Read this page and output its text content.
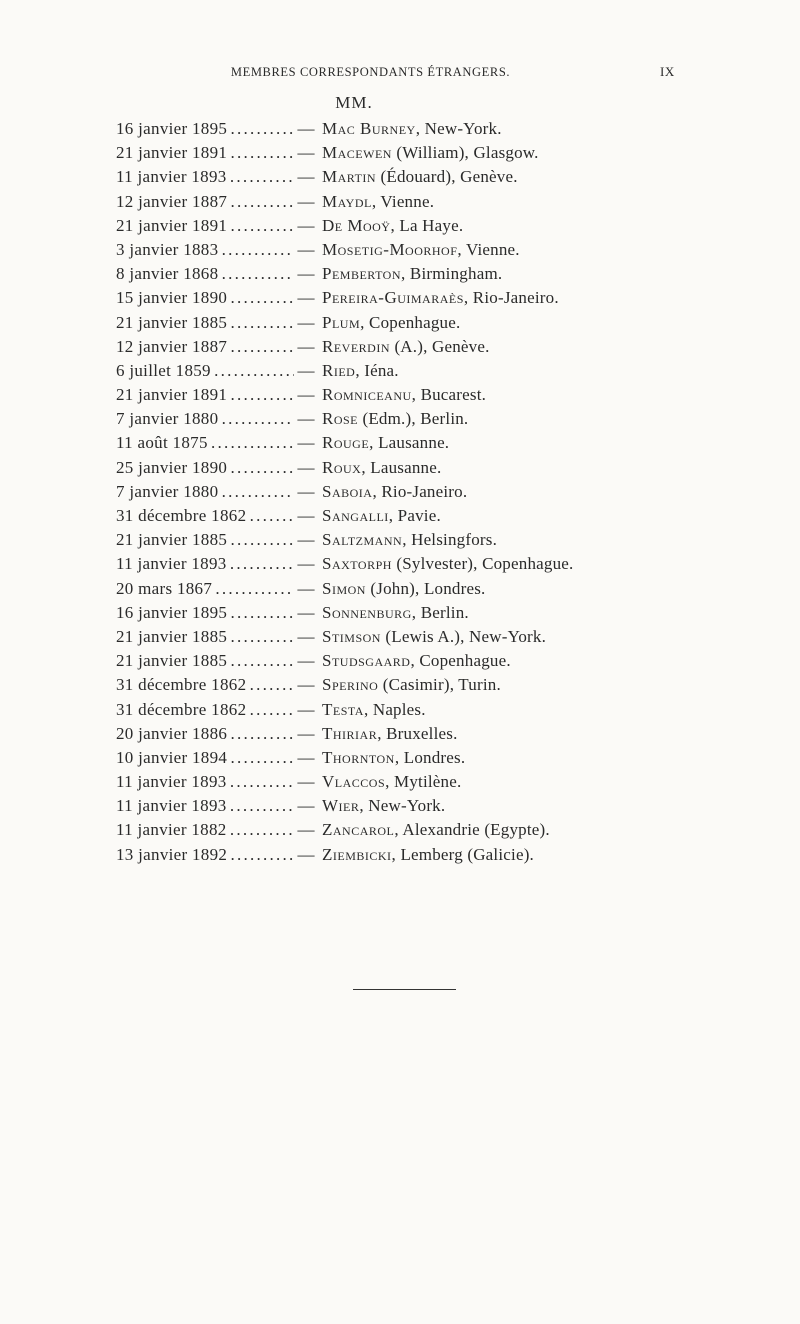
MEMBRES CORRESPONDANTS ÉTRANGERS.	IX
MM.
16 janvier 1895 . . .	— Mac Burney, New-York.
21 janvier 1891 . . .	— Macewen (William), Glasgow.
11 janvier 1893 . . .	— Martin (Édouard), Genève.
12 janvier 1887 . . .	— Maydl, Vienne.
21 janvier 1891 . . .	— De Mooÿ, La Haye.
3 janvier 1883 . . .	— Mosetig-Moorhof, Vienne.
8 janvier 1868 . . .	— Pemberton, Birmingham.
15 janvier 1890 . . .	— Pereira-Guimaraès, Rio-Janeiro.
21 janvier 1885 . . .	— Plum, Copenhague.
12 janvier 1887 . . .	— Reverdin (A.), Genève.
6 juillet 1859 . . .	— Ried, Iéna.
21 janvier 1891 . . .	— Romniceanu, Bucarest.
7 janvier 1880 . . .	— Rose (Edm.), Berlin.
11 août 1875 . . .	— Rouge, Lausanne.
25 janvier 1890 . . .	— Roux, Lausanne.
7 janvier 1880 . . .	— Saboia, Rio-Janeiro.
31 décembre 1862 . . .	— Sangalli, Pavie.
21 janvier 1885 . . .	— Saltzmann, Helsingfors.
11 janvier 1893 . . .	— Saxtorph (Sylvester), Copenhague.
20 mars 1867 . . .	— Simon (John), Londres.
16 janvier 1895 . . .	— Sonnenburg, Berlin.
21 janvier 1885 . . .	— Stimson (Lewis A.), New-York.
21 janvier 1885 . . .	— Studsgaard, Copenhague.
31 décembre 1862 . . .	— Sperino (Casimir), Turin.
31 décembre 1862 . . .	— Testa, Naples.
20 janvier 1886 . . .	— Thiriar, Bruxelles.
10 janvier 1894 . . .	— Thornton, Londres.
11 janvier 1893 . . .	— Vlaccos, Mytilène.
11 janvier 1893 . . .	— Wier, New-York.
11 janvier 1882 . . .	— Zancarol, Alexandrie (Egypte).
13 janvier 1892 . . .	— Ziembicki, Lemberg (Galicie).
